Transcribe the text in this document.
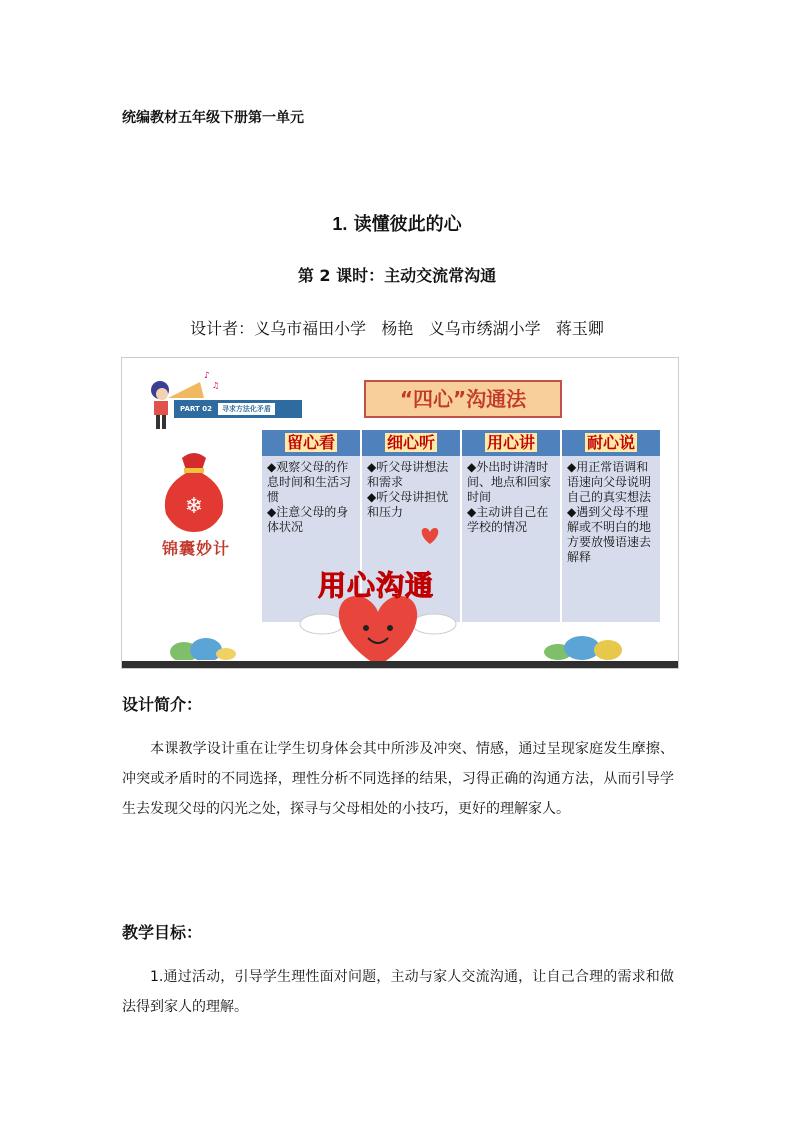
统编教材五年级下册第一单元
1. 读懂彼此的心
第 2 课时：主动交流常沟通
设计者：义乌市福田小学   杨艳   义乌市绣湖小学   蒋玉卿
♪
♫
PART 02	寻求方法化矛盾	“四心”沟通法
❄
锦囊妙计
留心看
◆观察父母的作息时间和生活习惯
◆注意父母的身体状况
细心听
◆听父母讲想法和需求
◆听父母讲担忧和压力
用心讲
◆外出时讲清时间、地点和回家时间
◆主动讲自己在学校的情况
耐心说
◆用正常语调和语速向父母说明自己的真实想法
◆遇到父母不理解或不明白的地方要放慢语速去解释
用心沟通
设计简介：
本课教学设计重在让学生切身体会其中所涉及冲突、情感，通过呈现家庭发生摩擦、冲突或矛盾时的不同选择，理性分析不同选择的结果，习得正确的沟通方法，从而引导学生去发现父母的闪光之处，探寻与父母相处的小技巧，更好的理解家人。
教学目标：
1.通过活动，引导学生理性面对问题，主动与家人交流沟通，让自己合理的需求和做法得到家人的理解。
